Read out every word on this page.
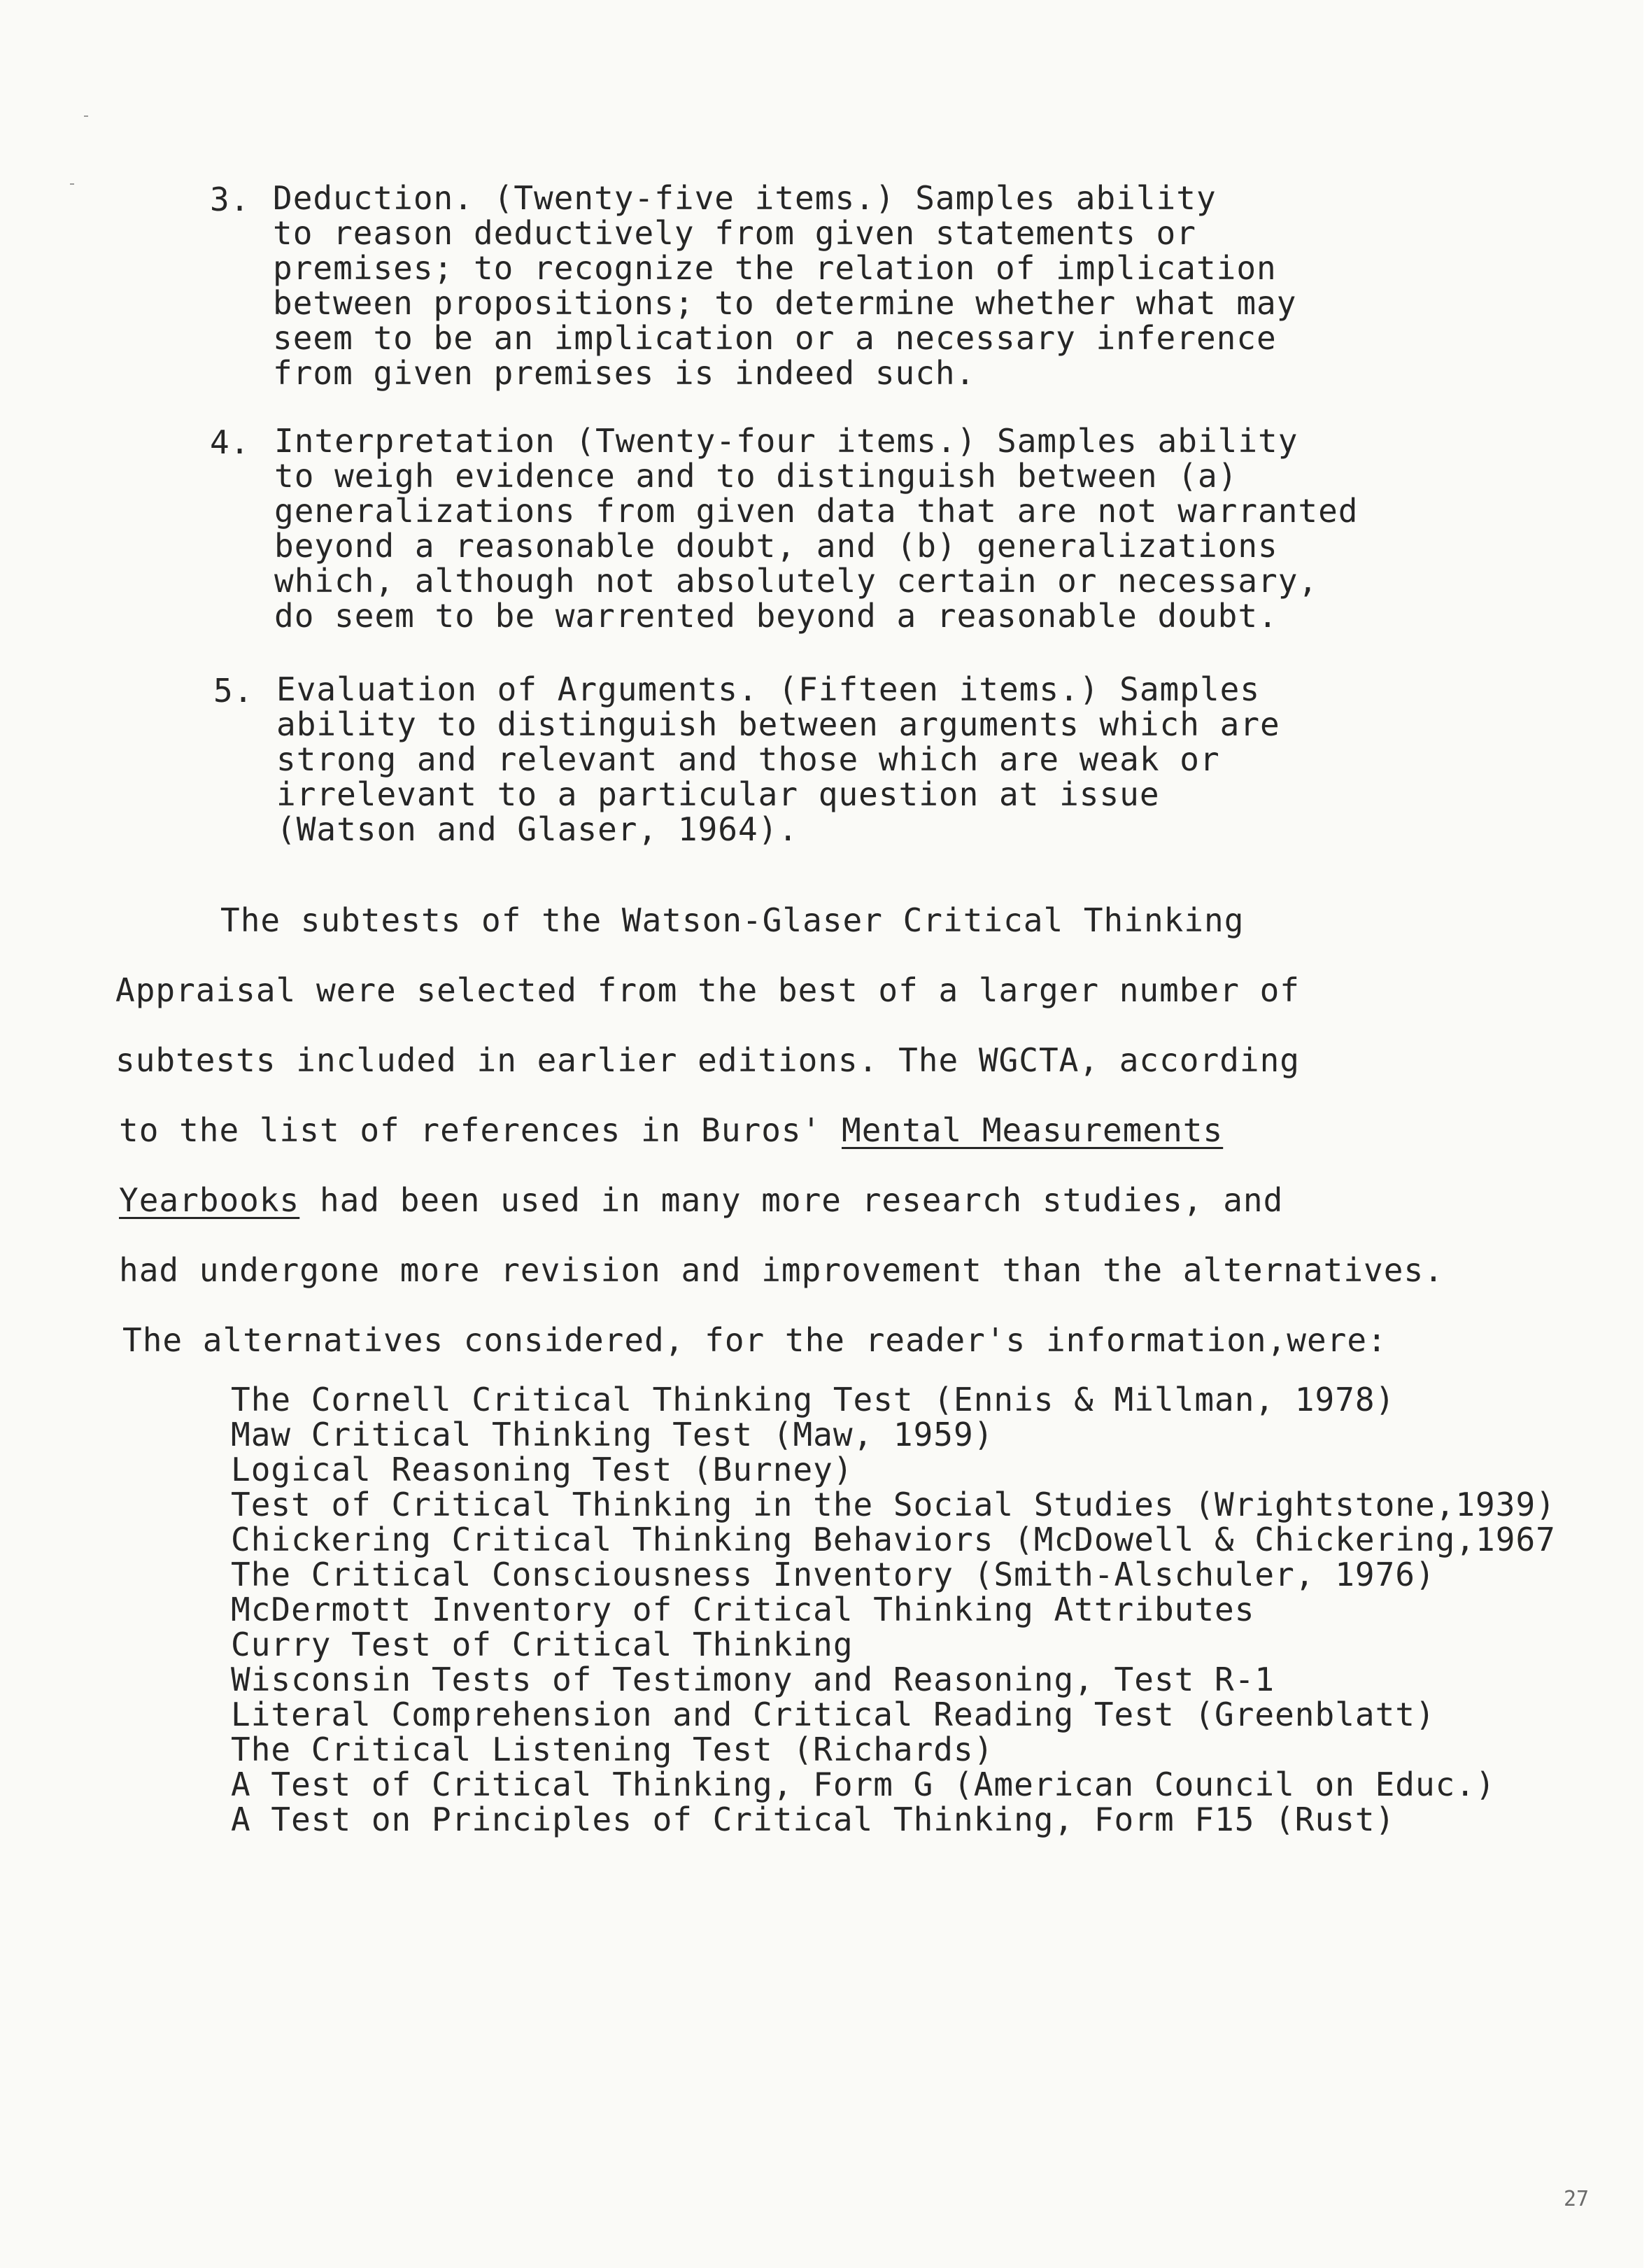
3. Deduction. (Twenty-five items.) Samples ability
to reason deductively from given statements or
premises; to recognize the relation of implication
between propositions; to determine whether what may
seem to be an implication or a necessary inference
from given premises is indeed such.
4. Interpretation (Twenty-four items.) Samples ability
to weigh evidence and to distinguish between (a)
generalizations from given data that are not warranted
beyond a reasonable doubt, and (b) generalizations
which, although not absolutely certain or necessary,
do seem to be warrented beyond a reasonable doubt.
5. Evaluation of Arguments. (Fifteen items.) Samples
ability to distinguish between arguments which are
strong and relevant and those which are weak or
irrelevant to a particular question at issue
(Watson and Glaser, 1964).
The subtests of the Watson-Glaser Critical Thinking
Appraisal were selected from the best of a larger number of
subtests included in earlier editions. The WGCTA, according
to the list of references in Buros' Mental Measurements
Yearbooks had been used in many more research studies, and
had undergone more revision and improvement than the alternatives.
The alternatives considered, for the reader's information,were:
The Cornell Critical Thinking Test (Ennis & Millman, 1978)
Maw Critical Thinking Test (Maw, 1959)
Logical Reasoning Test (Burney)
Test of Critical Thinking in the Social Studies (Wrightstone,1939)
Chickering Critical Thinking Behaviors (McDowell & Chickering,1967
The Critical Consciousness Inventory (Smith-Alschuler, 1976)
McDermott Inventory of Critical Thinking Attributes
Curry Test of Critical Thinking
Wisconsin Tests of Testimony and Reasoning, Test R-1
Literal Comprehension and Critical Reading Test (Greenblatt)
The Critical Listening Test (Richards)
A Test of Critical Thinking, Form G (American Council on Educ.)
A Test on Principles of Critical Thinking, Form F15 (Rust)
27
